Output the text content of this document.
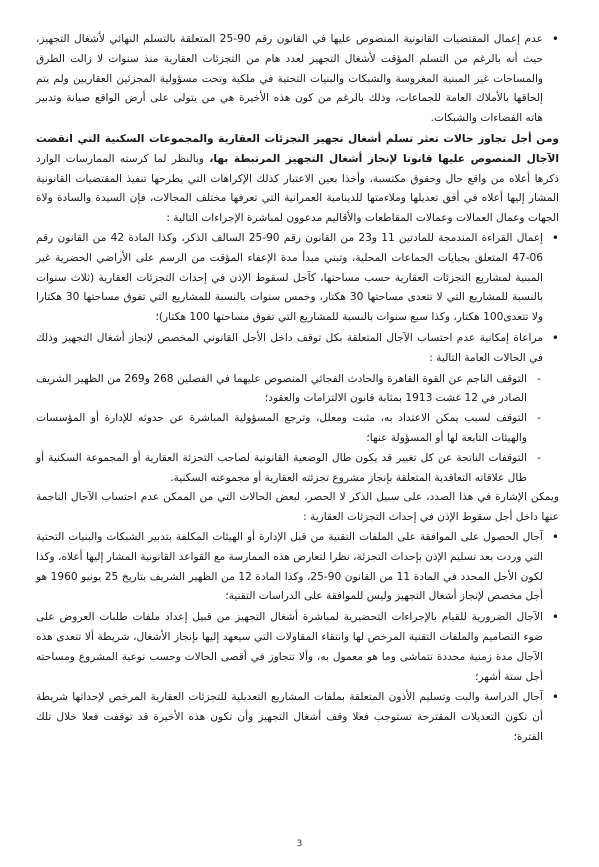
• عدم إعمال المقتضيات القانونية المنصوص عليها في القانون رقم 90-25 المتعلقة بالتسلم النهائي لأشغال التجهيز، حيث أنه بالرغم من التسلم المؤقت لأشغال التجهيز لعدد هام من التجزئات العقارية منذ سنوات لا زالت الطرق والمساحات غير المبنية المغروسة والشبكات والبنيات التحتية في ملكية وتحت مسؤولية المجزئين العقاريين ولم يتم إلحاقها بالأملاك العامة للجماعات، وذلك بالرغم من كون هذه الأخيرة هي من يتولى على أرض الواقع صيانة وتدبير هاته الفضاءات والشبكات.

ومن أجل تجاوز حالات تعثر تسلم أشغال تجهيز التجزئات العقارية والمجموعات السكنية التي انقضت الآجال المنصوص عليها قانونا لإنجاز أشغال التجهيز المرتبطة بها، وبالنظر لما كرسته الممارسات الوارد ذكرها أعلاه من واقع حال وحقوق مكتسبة، وأخذا بعين الاعتبار كذلك الإكراهات التي يطرحها تنفيذ المقتضيات القانونية المشار إليها أعلاه في أفق تعديلها وملاءمتها للدينامية العمرانية التي تعرفها مختلف المجالات، فإن السيدة والسادة ولاة الجهات وعمال العمالات وعمالات المقاطعات والأقاليم مدعوون لمباشرة الإجراءات التالية :

• إعمال القراءة المندمجة للمادتين 11 و23 من القانون رقم 90-25 السالف الذكر، وكذا المادة 42 من القانون رقم 06-47 المتعلق بجبايات الجماعات المحلية، وتبني مبدأ مدة الإعفاء المؤقت من الرسم على الأراضي الحضرية غير المبنية لمشاريع التجزئات العقارية حسب مساحتها، كآجل لسقوط الإذن في إحداث التجزئات العقارية (ثلاث سنوات بالنسبة للمشاريع التي لا تتعدى مساحتها 30 هكتار، وخمس سنوات بالنسبة للمشاريع التي تفوق مساحتها 30 هكتارا ولا تتعدى100 هكتار، وكذا سبع سنوات بالنسبة للمشاريع التي تفوق مساحتها 100 هكتار)؛

• مراعاة إمكانية عدم احتساب الآجال المتعلقة بكل توقف داخل الأجل القانوني المخصص لإنجاز أشغال التجهيز وذلك في الحالات العامة التالية :

- التوقف الناجم عن القوة القاهرة والحادث الفجائي المنصوص عليهما في الفصلين 268 و269 من الظهير الشريف الصادر في 12 غشت 1913 بمثابة قانون الالتزامات والعقود؛

- التوقف لسبب يمكن الاعتداد به، مثبت ومعلل، وترجع المسؤولية المباشرة عن حدوثه للإدارة أو المؤسسات والهيئات التابعة لها أو المسؤولة عنها؛

- التوقفات الناتجة عن كل تغيير قد يكون طال الوضعية القانونية لصاحب التجزئة العقارية أو المجموعة السكنية أو طال علاقاته التعاقدية المتعلقة بإنجاز مشروع تجزئته العقارية أو مجموعته السكنية.

ويمكن الإشارة في هذا الصدد، على سبيل الذكر لا الحصر، لبعض الحالات التي من الممكن عدم احتساب الآجال الناجمة عنها داخل أجل سقوط الإذن في إحداث التجزئات العقارية :

• آجال الحصول على الموافقة على الملفات التقنية من قبل الإدارة أو الهيئات المكلفة بتدبير الشبكات والبنيات التحتية التي وردت بعد تسليم الإذن بإحداث التجزئة، نظرا لتعارض هذه الممارسة مع القواعد القانونية المشار إليها أعلاه، وكذا لكون الأجل المحدد في المادة 11 من القانون 90-25، وكذا المادة 12 من الظهير الشريف بتاريخ 25 يونيو 1960 هو أجل مخصص لإنجاز أشغال التجهيز وليس للموافقة على الدراسات التقنية؛

• الآجال الضرورية للقيام بالإجراءات التحضيرية لمباشرة أشغال التجهيز من قبيل إعداد ملفات طلبات العروض على ضوء التصاميم والملفات التقنية المرخص لها وانتقاء المقاولات التي سيعهد إليها بإنجاز الأشغال، شريطة ألا تتعدى هذه الآجال مدة زمنية محددة تتماشى وما هو معمول به، وألا تتجاوز في أقصى الحالات وحسب نوعية المشروع ومساحته أجل ستة أشهر؛

• آجال الدراسة والبت وتسليم الأذون المتعلقة بملفات المشاريع التعديلية للتجزئات العقارية المرخص لإحداثها شريطة أن تكون التعديلات المقترحة تستوجب فعلا وقف أشغال التجهيز وأن تكون هذه الأخيرة قد توقفت فعلا خلال تلك الفترة؛

3
